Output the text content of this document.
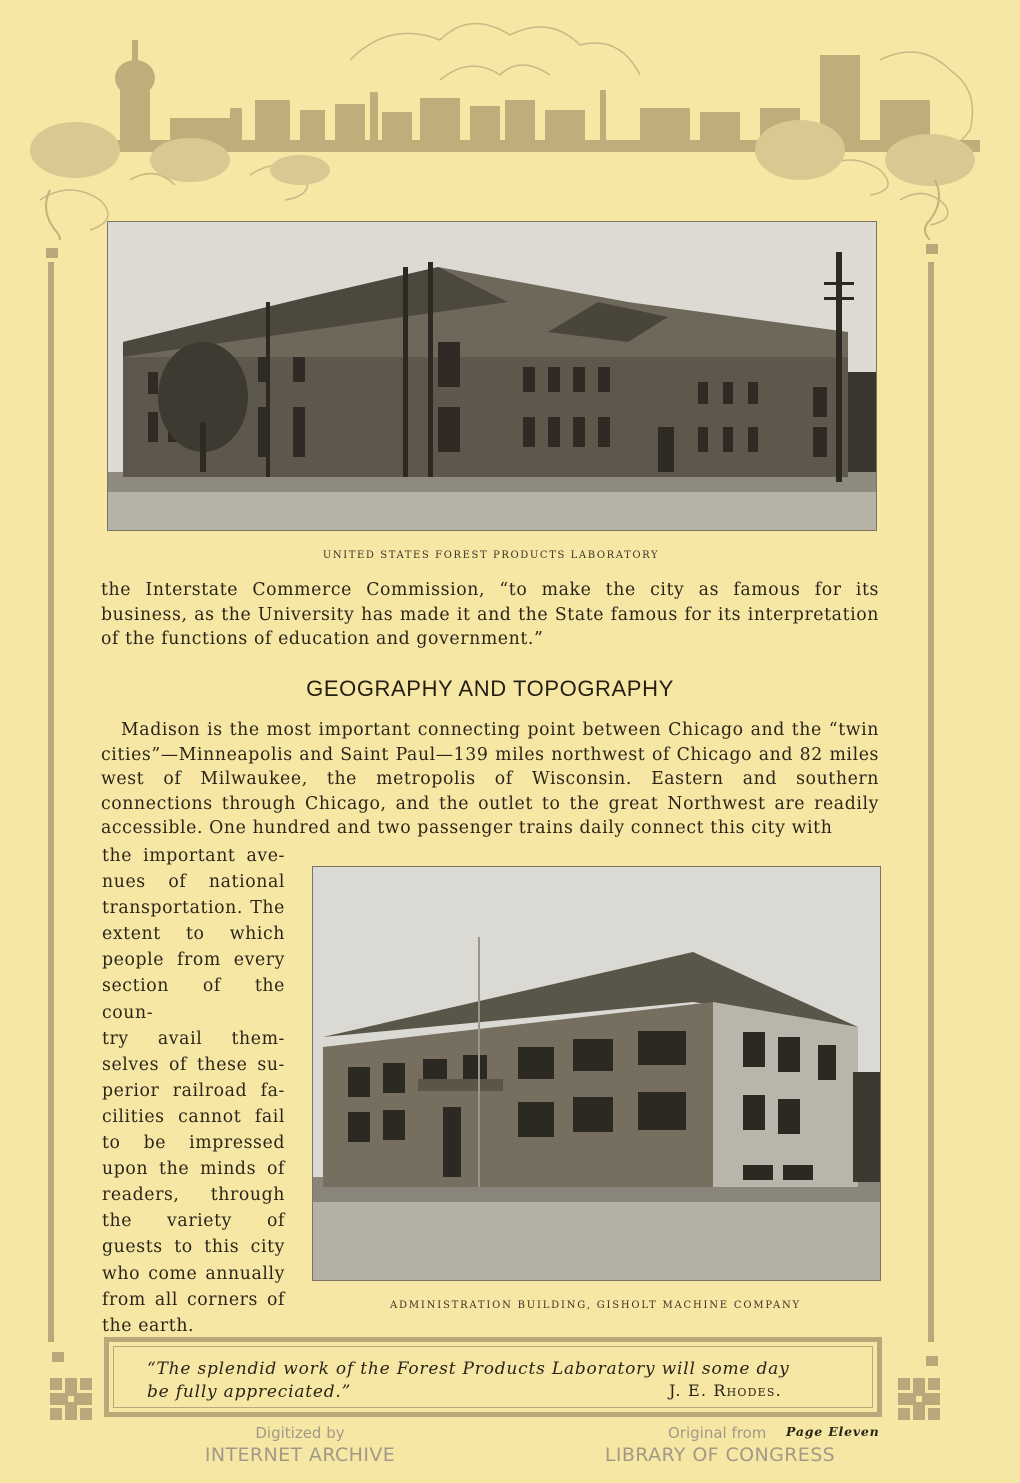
UNITED STATES FOREST PRODUCTS LABORATORY
the Interstate Commerce Commission, “to make the city as famous for its business, as the University has made it and the State famous for its interpretation of the functions of education and government.”
GEOGRAPHY AND TOPOGRAPHY
Madison is the most important connecting point between Chicago and the “twin cities”—Minneapolis and Saint Paul—139 miles northwest of Chicago and 82 miles west of Milwaukee, the metropolis of Wisconsin. Eastern and southern connections through Chicago, and the outlet to the great Northwest are readily accessible. One hundred and two passenger trains daily connect this city with
the important ave-
nues of national
transportation. The
extent to which
people from every
section of the coun-
try avail them-
selves of these su-
perior railroad fa-
cilities cannot fail
to be impressed
upon the minds of
readers, through
the variety of
guests to this city
who come annually
from all corners of
the earth.
ADMINISTRATION BUILDING, GISHOLT MACHINE COMPANY
“The splendid work of the Forest Products Laboratory will some day
be fully appreciated.”	J. E. Rhodes.
Digitized by
INTERNET ARCHIVE
Original from
LIBRARY OF CONGRESS
Page Eleven
